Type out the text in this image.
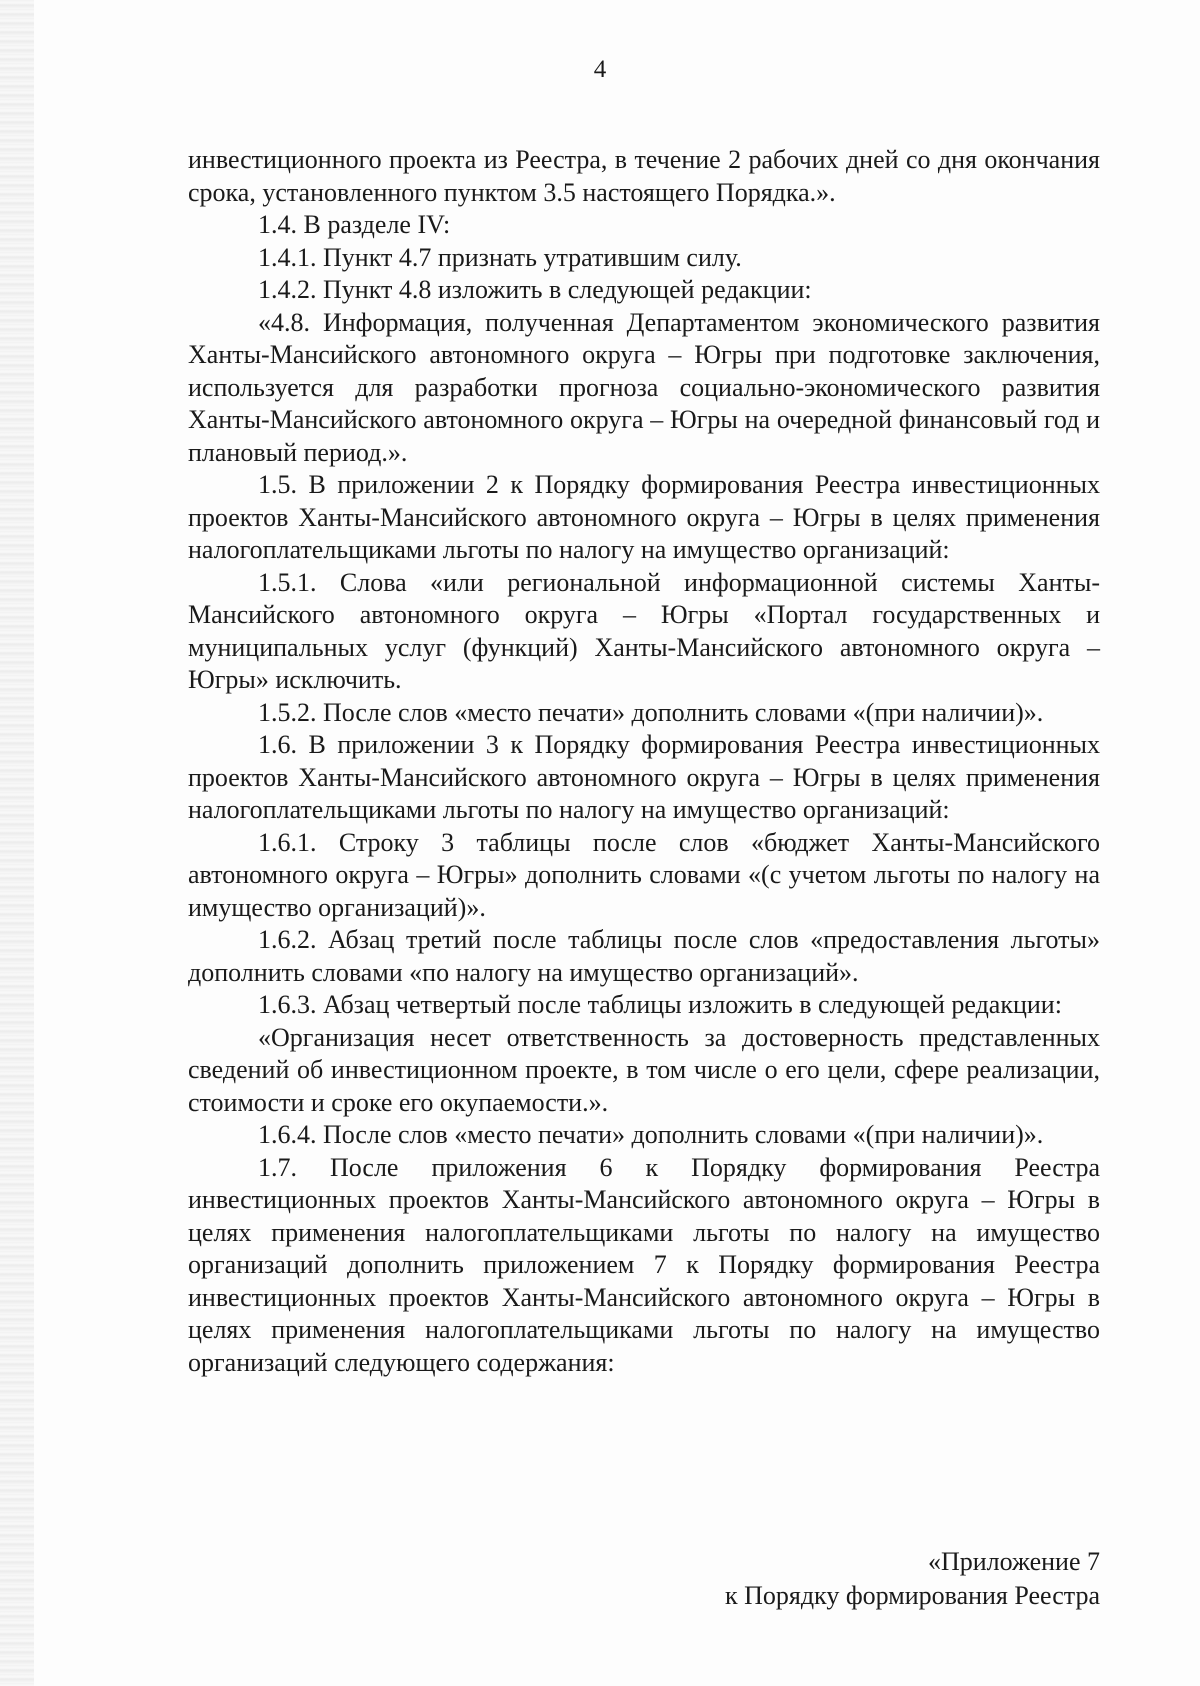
4

инвестиционного проекта из Реестра, в течение 2 рабочих дней со дня окончания срока, установленного пунктом 3.5 настоящего Порядка.».

1.4. В разделе IV:

1.4.1. Пункт 4.7 признать утратившим силу.

1.4.2. Пункт 4.8 изложить в следующей редакции:

«4.8. Информация, полученная Департаментом экономического развития Ханты-Мансийского автономного округа – Югры при подготовке заключения, используется для разработки прогноза социально-экономического развития Ханты-Мансийского автономного округа – Югры на очередной финансовый год и плановый период.».

1.5. В приложении 2 к Порядку формирования Реестра инвестиционных проектов Ханты-Мансийского автономного округа – Югры в целях применения налогоплательщиками льготы по налогу на имущество организаций:

1.5.1. Слова «или региональной информационной системы Ханты-Мансийского автономного округа – Югры «Портал государственных и муниципальных услуг (функций) Ханты-Мансийского автономного округа – Югры» исключить.

1.5.2. После слов «место печати» дополнить словами «(при наличии)».

1.6. В приложении 3 к Порядку формирования Реестра инвестиционных проектов Ханты-Мансийского автономного округа – Югры в целях применения налогоплательщиками льготы по налогу на имущество организаций:

1.6.1. Строку 3 таблицы после слов «бюджет Ханты-Мансийского автономного округа – Югры» дополнить словами «(с учетом льготы по налогу на имущество организаций)».

1.6.2. Абзац третий после таблицы после слов «предоставления льготы» дополнить словами «по налогу на имущество организаций».

1.6.3. Абзац четвертый после таблицы изложить в следующей редакции:

«Организация несет ответственность за достоверность представленных сведений об инвестиционном проекте, в том числе о его цели, сфере реализации, стоимости и сроке его окупаемости.».

1.6.4. После слов «место печати» дополнить словами «(при наличии)».

1.7. После приложения 6 к Порядку формирования Реестра инвестиционных проектов Ханты-Мансийского автономного округа – Югры в целях применения налогоплательщиками льготы по налогу на имущество организаций дополнить приложением 7 к Порядку формирования Реестра инвестиционных проектов Ханты-Мансийского автономного округа – Югры в целях применения налогоплательщиками льготы по налогу на имущество организаций следующего содержания:

«Приложение 7
к Порядку формирования Реестра
